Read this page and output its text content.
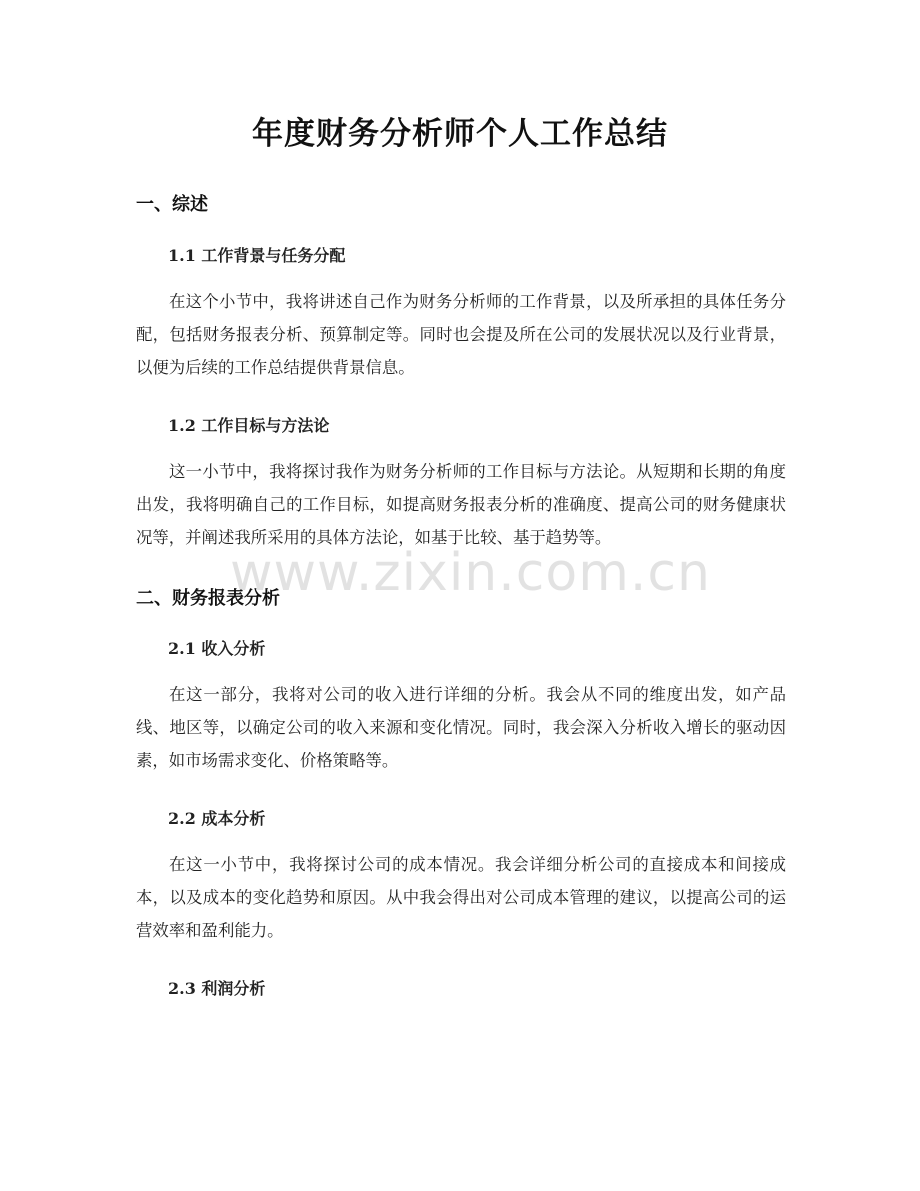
年度财务分析师个人工作总结
一、综述
1.1 工作背景与任务分配

在这个小节中，我将讲述自己作为财务分析师的工作背景，以及所承担的具体任务分配，包括财务报表分析、预算制定等。同时也会提及所在公司的发展状况以及行业背景，以便为后续的工作总结提供背景信息。

1.2 工作目标与方法论

这一小节中，我将探讨我作为财务分析师的工作目标与方法论。从短期和长期的角度出发，我将明确自己的工作目标，如提高财务报表分析的准确度、提高公司的财务健康状况等，并阐述我所采用的具体方法论，如基于比较、基于趋势等。

二、财务报表分析
2.1 收入分析

在这一部分，我将对公司的收入进行详细的分析。我会从不同的维度出发，如产品线、地区等，以确定公司的收入来源和变化情况。同时，我会深入分析收入增长的驱动因素，如市场需求变化、价格策略等。

2.2 成本分析

在这一小节中，我将探讨公司的成本情况。我会详细分析公司的直接成本和间接成本，以及成本的变化趋势和原因。从中我会得出对公司成本管理的建议，以提高公司的运营效率和盈利能力。

2.3 利润分析
www.zixin.com.cn
